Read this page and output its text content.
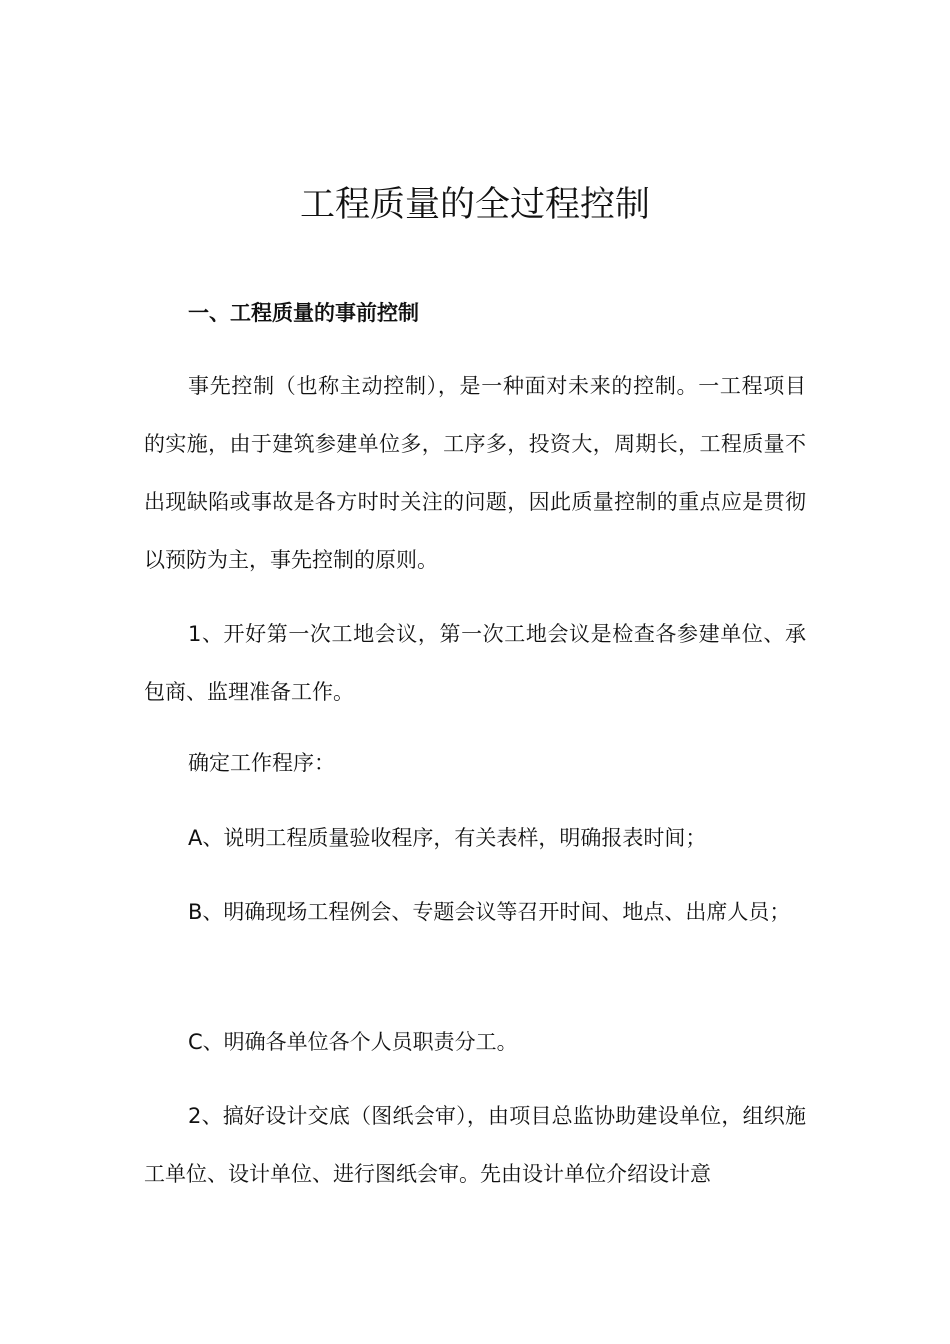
工程质量的全过程控制
一、工程质量的事前控制

事先控制（也称主动控制），是一种面对未来的控制。一工程项目的实施，由于建筑参建单位多，工序多，投资大，周期长，工程质量不出现缺陷或事故是各方时时关注的问题，因此质量控制的重点应是贯彻以预防为主，事先控制的原则。

1、开好第一次工地会议，第一次工地会议是检查各参建单位、承包商、监理准备工作。

确定工作程序：

A、说明工程质量验收程序，有关表样，明确报表时间；

B、明确现场工程例会、专题会议等召开时间、地点、出席人员；

C、明确各单位各个人员职责分工。

2、搞好设计交底（图纸会审），由项目总监协助建设单位，组织施工单位、设计单位、进行图纸会审。先由设计单位介绍设计意
